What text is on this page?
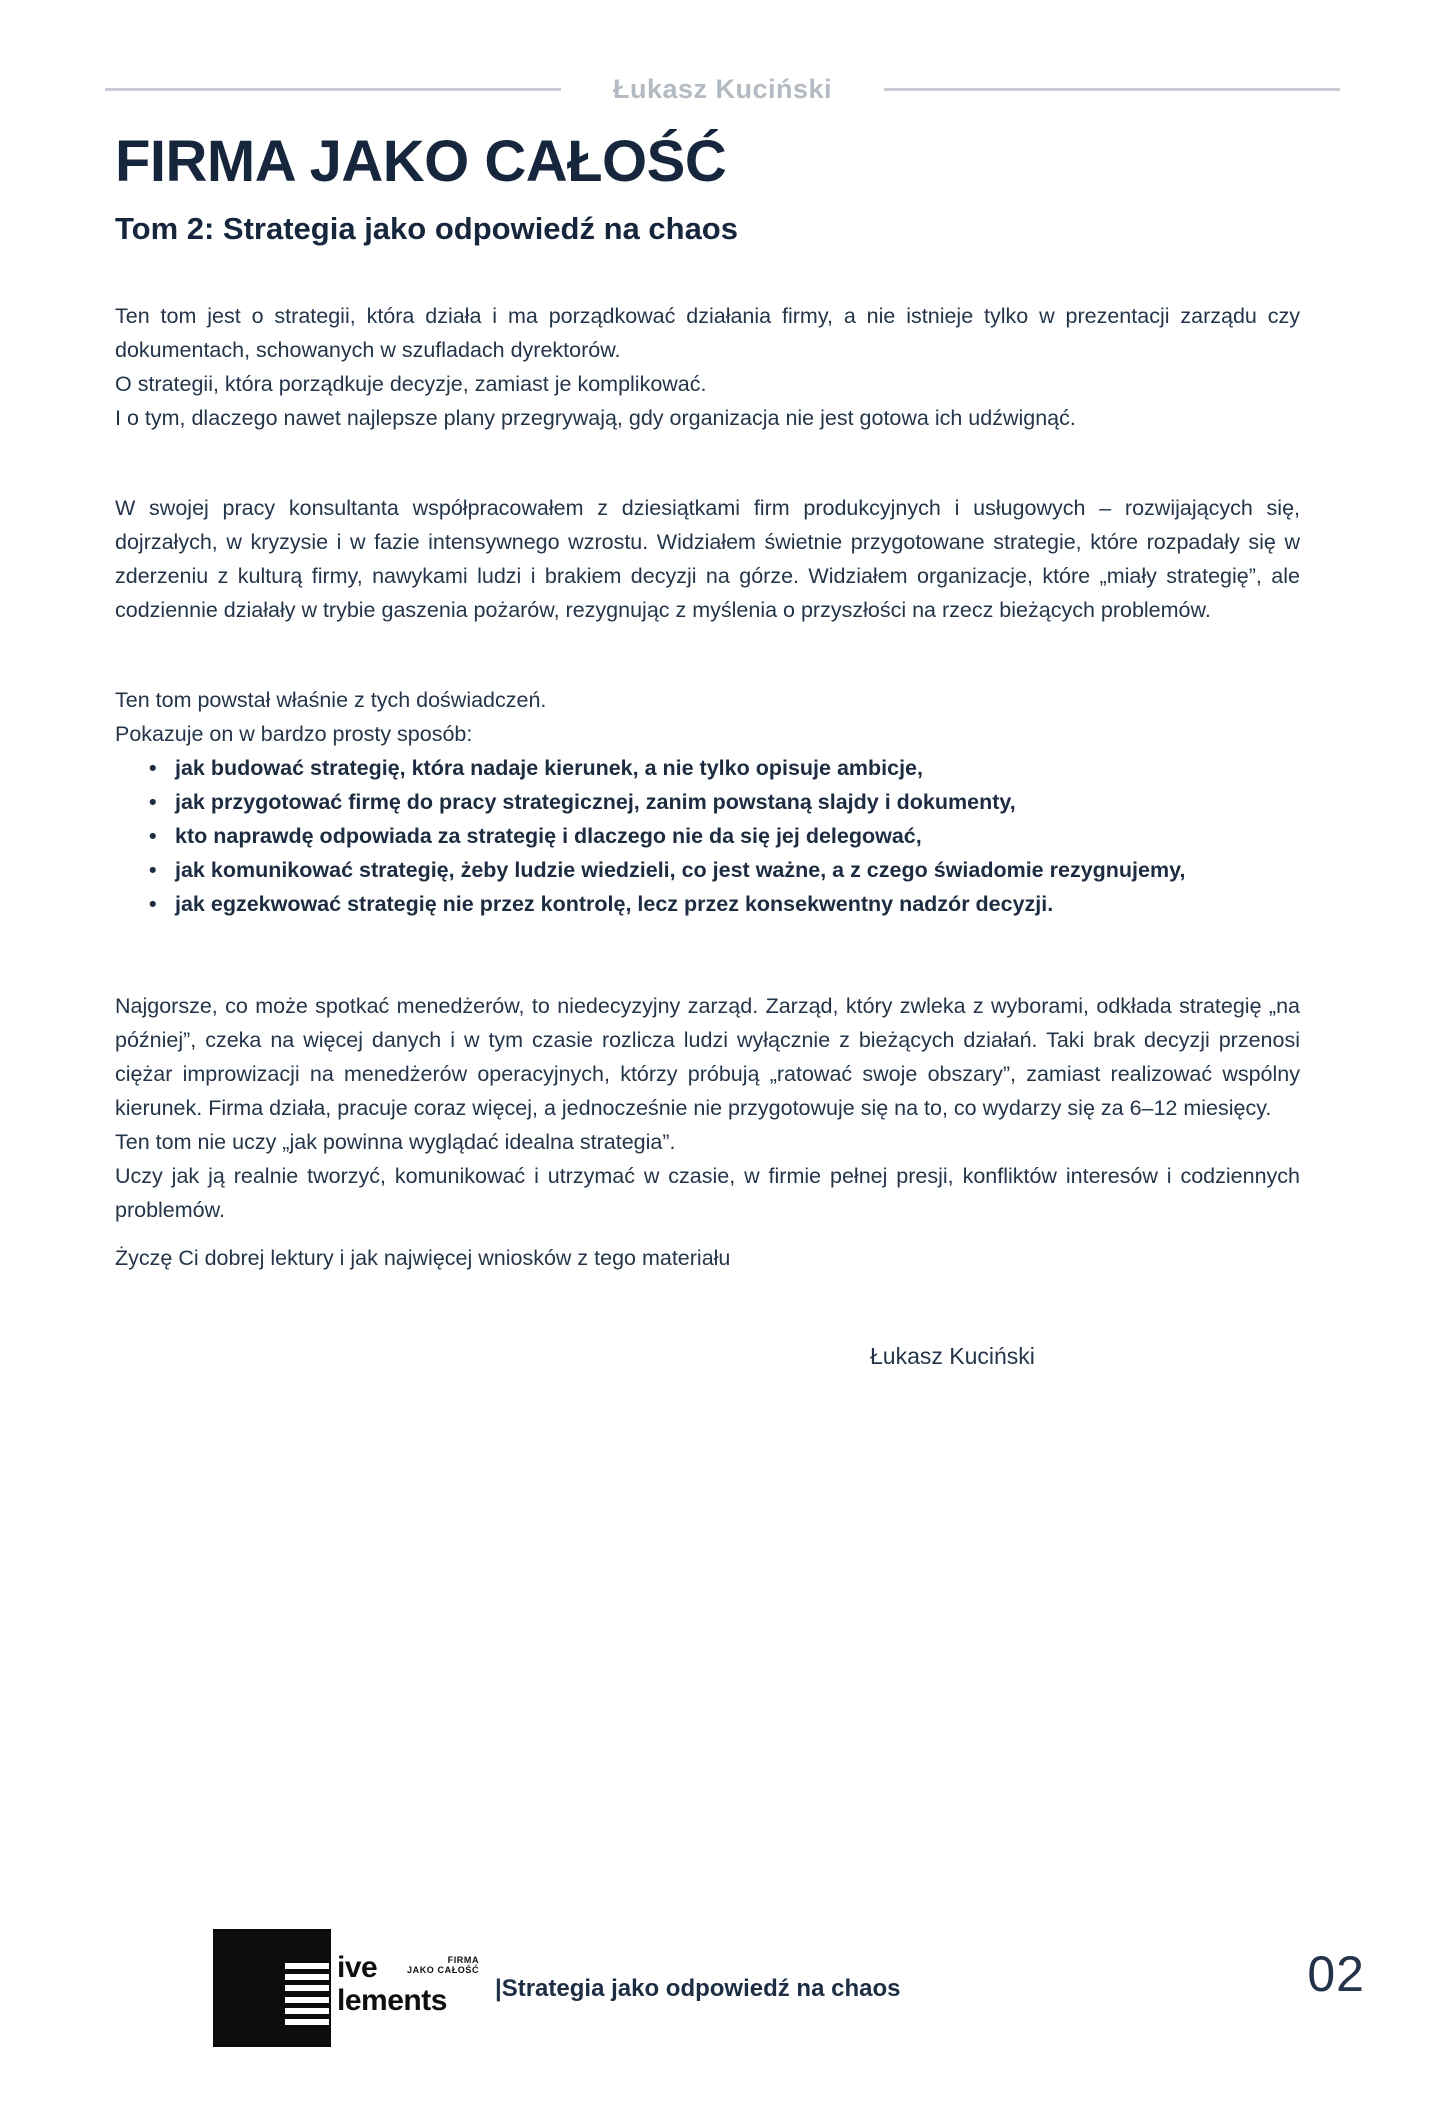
Łukasz Kuciński
FIRMA JAKO CAŁOŚĆ
Tom 2: Strategia jako odpowiedź na chaos

Ten tom jest o strategii, która działa i ma porządkować działania firmy, a nie istnieje tylko w prezentacji zarządu czy dokumentach, schowanych w szufladach dyrektorów.

O strategii, która porządkuje decyzje, zamiast je komplikować.

I o tym, dlaczego nawet najlepsze plany przegrywają, gdy organizacja nie jest gotowa ich udźwignąć.

W swojej pracy konsultanta współpracowałem z dziesiątkami firm produkcyjnych i usługowych – rozwijających się, dojrzałych, w kryzysie i w fazie intensywnego wzrostu. Widziałem świetnie przygotowane strategie, które rozpadały się w zderzeniu z kulturą firmy, nawykami ludzi i brakiem decyzji na górze. Widziałem organizacje, które „miały strategię”, ale codziennie działały w trybie gaszenia pożarów, rezygnując z myślenia o przyszłości na rzecz bieżących problemów.

Ten tom powstał właśnie z tych doświadczeń.

Pokazuje on w bardzo prosty sposób:

• jak budować strategię, która nadaje kierunek, a nie tylko opisuje ambicje,
• jak przygotować firmę do pracy strategicznej, zanim powstaną slajdy i dokumenty,
• kto naprawdę odpowiada za strategię i dlaczego nie da się jej delegować,
• jak komunikować strategię, żeby ludzie wiedzieli, co jest ważne, a z czego świadomie rezygnujemy,
• jak egzekwować strategię nie przez kontrolę, lecz przez konsekwentny nadzór decyzji.

Najgorsze, co może spotkać menedżerów, to niedecyzyjny zarząd. Zarząd, który zwleka z wyborami, odkłada strategię „na później”, czeka na więcej danych i w tym czasie rozlicza ludzi wyłącznie z bieżących działań. Taki brak decyzji przenosi ciężar improwizacji na menedżerów operacyjnych, którzy próbują „ratować swoje obszary”, zamiast realizować wspólny kierunek. Firma działa, pracuje coraz więcej, a jednocześnie nie przygotowuje się na to, co wydarzy się za 6–12 miesięcy.

Ten tom nie uczy „jak powinna wyglądać idealna strategia”.

Uczy jak ją realnie tworzyć, komunikować i utrzymać w czasie, w firmie pełnej presji, konfliktów interesów i codziennych problemów.

Życzę Ci dobrej lektury i jak najwięcej wniosków z tego materiału

Łukasz Kuciński
ive
lements
FIRMA
JAKO CAŁOŚĆ
|Strategia jako odpowiedź na chaos	02
